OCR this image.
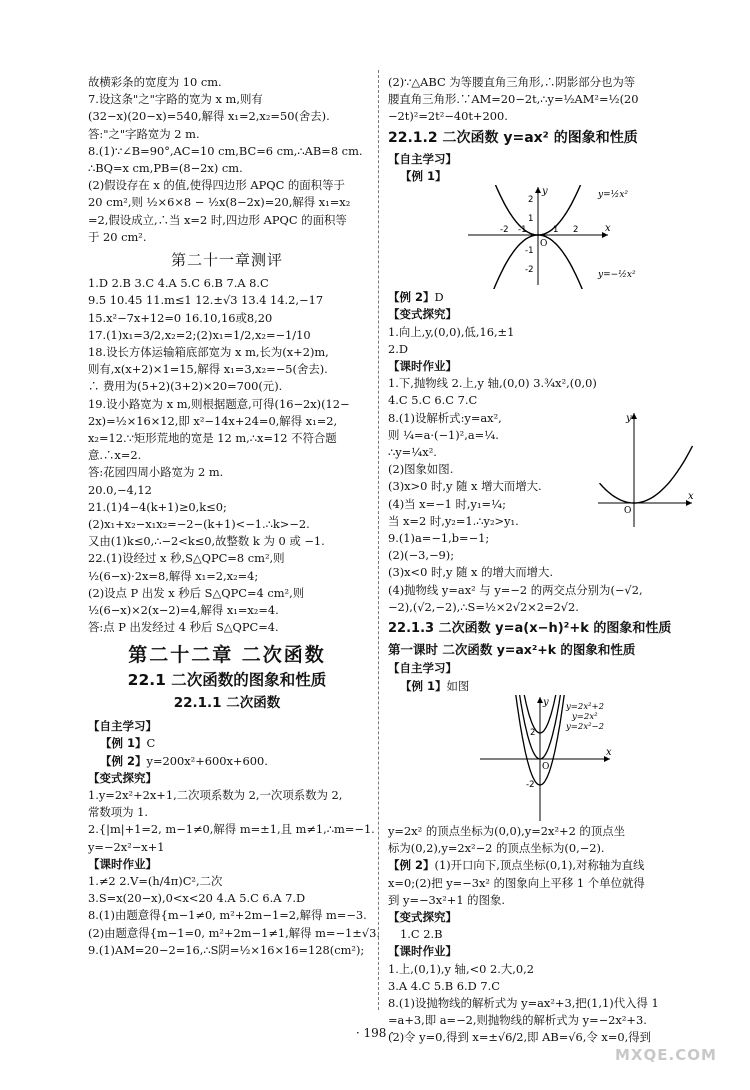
故横彩条的宽度为 10 cm.
7.设这条"之"字路的宽为 x m,则有
(32−x)(20−x)=540,解得 x₁=2,x₂=50(舍去).
答:"之"字路宽为 2 m.
8.(1)∵∠B=90°,AC=10 cm,BC=6 cm,∴AB=8 cm.
∴BQ=x cm,PB=(8−2x) cm.
(2)假设存在 x 的值,使得四边形 APQC 的面积等于
20 cm²,则 ½×6×8 − ½x(8−2x)=20,解得 x₁=x₂
=2,假设成立,∴当 x=2 时,四边形 APQC 的面积等
于 20 cm².
第二十一章测评
1.D 2.B 3.C 4.A 5.C 6.B 7.A 8.C
9.5 10.45 11.m≤1 12.±√3 13.4 14.2,−17
15.x²−7x+12=0 16.10,16或8,20
17.(1)x₁=3/2,x₂=2;(2)x₁=1/2,x₂=−1/10
18.设长方体运输箱底部宽为 x m,长为(x+2)m,
则有,x(x+2)×1=15,解得 x₁=3,x₂=−5(舍去).
∴ 费用为(5+2)(3+2)×20=700(元).
19.设小路宽为 x m,则根据题意,可得(16−2x)(12−
2x)=½×16×12,即 x²−14x+24=0,解得 x₁=2,
x₂=12.∵矩形荒地的宽是 12 m,∴x=12 不符合题
意.∴x=2.
答:花园四周小路宽为 2 m.
20.0,−4,12
21.(1)4−4(k+1)≥0,k≤0;
(2)x₁+x₂−x₁x₂=−2−(k+1)<−1.∴k>−2.
又由(1)k≤0,∴−2<k≤0,故整数 k 为 0 或 −1.
22.(1)设经过 x 秒,S△QPC=8 cm²,则
½(6−x)·2x=8,解得 x₁=2,x₂=4;
(2)设点 P 出发 x 秒后 S△QPC=4 cm²,则
½(6−x)×2(x−2)=4,解得 x₁=x₂=4.
答:点 P 出发经过 4 秒后 S△QPC=4.
第二十二章 二次函数
22.1 二次函数的图象和性质
22.1.1 二次函数
【自主学习】
【例 1】C
【例 2】y=200x²+600x+600.
【变式探究】
1.y=2x²+2x+1,二次项系数为 2,一次项系数为 2,
常数项为 1.
2.{|m|+1=2, m−1≠0,解得 m=±1,且 m≠1,∴m=−1.
y=−2x²−x+1
【课时作业】
1.≠2 2.V=(h/4π)C²,二次
3.S=x(20−x),0<x<20 4.A 5.C 6.A 7.D
8.(1)由题意得{m−1≠0, m²+2m−1=2,解得 m=−3.
(2)由题意得{m−1=0, m²+2m−1≠1,解得 m=−1±√3.
9.(1)AM=20−2=16,∴S阴=½×16×16=128(cm²);
(2)∵△ABC 为等腰直角三角形,∴阴影部分也为等
腰直角三角形.∵AM=20−2t,∴y=½AM²=½(20
−2t)²=2t²−40t+200.
22.1.2 二次函数 y=ax² 的图象和性质
【自主学习】
【例 1】
x
y
O
-2 -1	1 2
2
1
-1
-2
y=½x²
y=−½x²
【例 2】D
【变式探究】
1.向上,y,(0,0),低,16,±1
2.D
【课时作业】
1.下,抛物线 2.上,y 轴,(0,0) 3.¾x²,(0,0)
4.C 5.C 6.C 7.C
8.(1)设解析式:y=ax²,
则 ¼=a·(−1)²,a=¼.
∴y=¼x².
(2)图象如图.
(3)x>0 时,y 随 x 增大而增大.
(4)当 x=−1 时,y₁=¼;	x
y
O
当 x=2 时,y₂=1.∴y₂>y₁.
9.(1)a=−1,b=−1;
(2)(−3,−9);
(3)x<0 时,y 随 x 的增大而增大.
(4)抛物线 y=ax² 与 y=−2 的两交点分别为(−√2,
−2),(√2,−2),∴S=½×2√2×2=2√2.
22.1.3 二次函数 y=a(x−h)²+k 的图象和性质
第一课时 二次函数 y=ax²+k 的图象和性质
【自主学习】
【例 1】如图
y=2x²+2
y=2x²
y=2x²−2
x
y
O
2
-2
y=2x² 的顶点坐标为(0,0),y=2x²+2 的顶点坐
标为(0,2),y=2x²−2 的顶点坐标为(0,−2).
【例 2】(1)开口向下,顶点坐标(0,1),对称轴为直线
x=0;(2)把 y=−3x² 的图象向上平移 1 个单位就得
到 y=−3x²+1 的图象.
【变式探究】
1.C 2.B
【课时作业】
1.上,(0,1),y 轴,<0 2.大,0,2
3.A 4.C 5.B 6.D 7.C
8.(1)设抛物线的解析式为 y=ax²+3,把(1,1)代入得 1
=a+3,即 a=−2,则抛物线的解析式为 y=−2x²+3.
(2)令 y=0,得到 x=±√6/2,即 AB=√6,令 x=0,得到
· 198 ·
MXQE.COM
